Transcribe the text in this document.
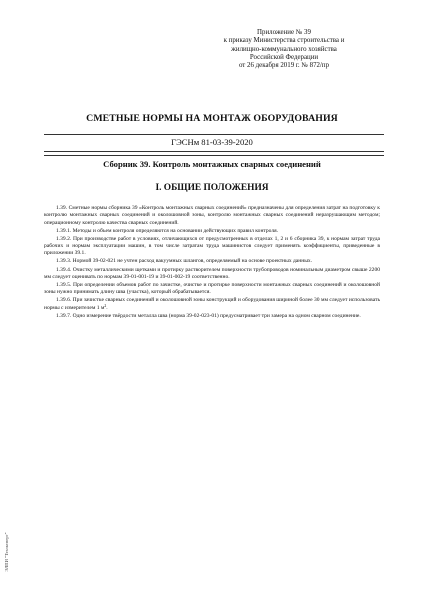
Приложение № 39
к приказу Министерства строительства и
жилищно-коммунального хозяйства
Российской Федерации
от 26 декабря 2019 г. № 872/пр
СМЕТНЫЕ НОРМЫ НА МОНТАЖ ОБОРУДОВАНИЯ
ГЭСНм 81-03-39-2020
Сборник 39. Контроль монтажных сварных соединений
I. ОБЩИЕ ПОЛОЖЕНИЯ

1.39. Сметные нормы сборника 39 «Контроль монтажных сварных соединений» предназначены для определения затрат на подготовку к контролю монтажных сварных соединений и околошовной зоны, контролю монтажных сварных соединений неразрушающим методом; операционному контролю качества сварных соединений.

1.39.1. Методы и объем контроля определяются на основании действующих правил контроля.

1.39.2. При производстве работ в условиях, отличающихся от предусмотренных в отделах 1, 2 и 6 сборника 39, к нормам затрат труда рабочих и нормам эксплуатации машин, в том числе затратам труда машинистов следует применять коэффициенты, приведенные в приложении 39.1.

1.39.3. Нормой 39-02-021 не учтен расход вакуумных шлангов, определяемый на основе проектных данных.

1.39.4. Очистку металлическими щетками и протирку растворителем поверхности трубопроводов номинальным диаметром свыше 2200 мм следует оценивать по нормам 39-01-001-19 и 39-01-002-19 соответственно.

1.39.5. При определении объемов работ по зачистке, очистке и протирке поверхности монтажных сварных соединений и околошовной зоны нужно принимать длину шва (участка), который обрабатывается.

1.39.6. При зачистке сварных соединений и околошовной зоны конструкций и оборудования шириной более 30 мм следует использовать нормы с измерителем 1 $м^2$.

1.39.7. Одно измерение твёрдости металла шва (норма 39-02-023-01) предусматривает три замера на одном сварном соединение.

ЭЛПИ "Техэксперт"
